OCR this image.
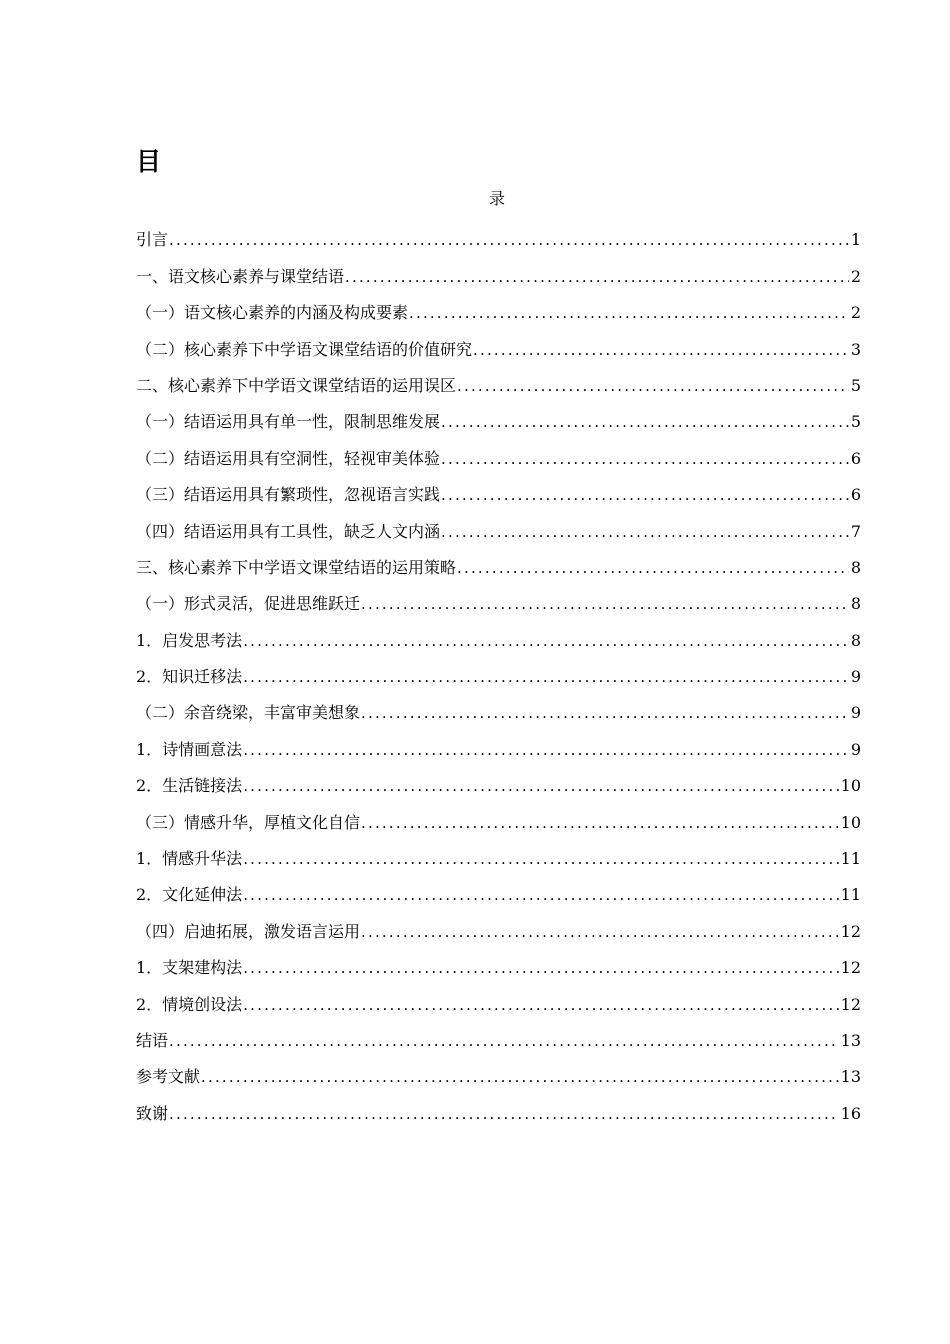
目
录
引言 .....	1
一、语文核心素养与课堂结语 .....	2
（一）语文核心素养的内涵及构成要素 .....	2
（二）核心素养下中学语文课堂结语的价值研究 .....	3
二、核心素养下中学语文课堂结语的运用误区 .....	5
（一）结语运用具有单一性，限制思维发展 .....	5
（二）结语运用具有空洞性，轻视审美体验 .....	6
（三）结语运用具有繁琐性，忽视语言实践 .....	6
（四）结语运用具有工具性，缺乏人文内涵 .....	7
三、核心素养下中学语文课堂结语的运用策略 .....	8
（一）形式灵活，促进思维跃迁 .....	8
1．启发思考法 .....	8
2．知识迁移法 .....	9
（二）余音绕梁，丰富审美想象 .....	9
1．诗情画意法 .....	9
2．生活链接法 .....	10
（三）情感升华，厚植文化自信 .....	10
1．情感升华法 .....	11
2．文化延伸法 .....	11
（四）启迪拓展，激发语言运用 .....	12
1．支架建构法 .....	12
2．情境创设法 .....	12
结语 .....	13
参考文献 .....	13
致谢 .....	16
